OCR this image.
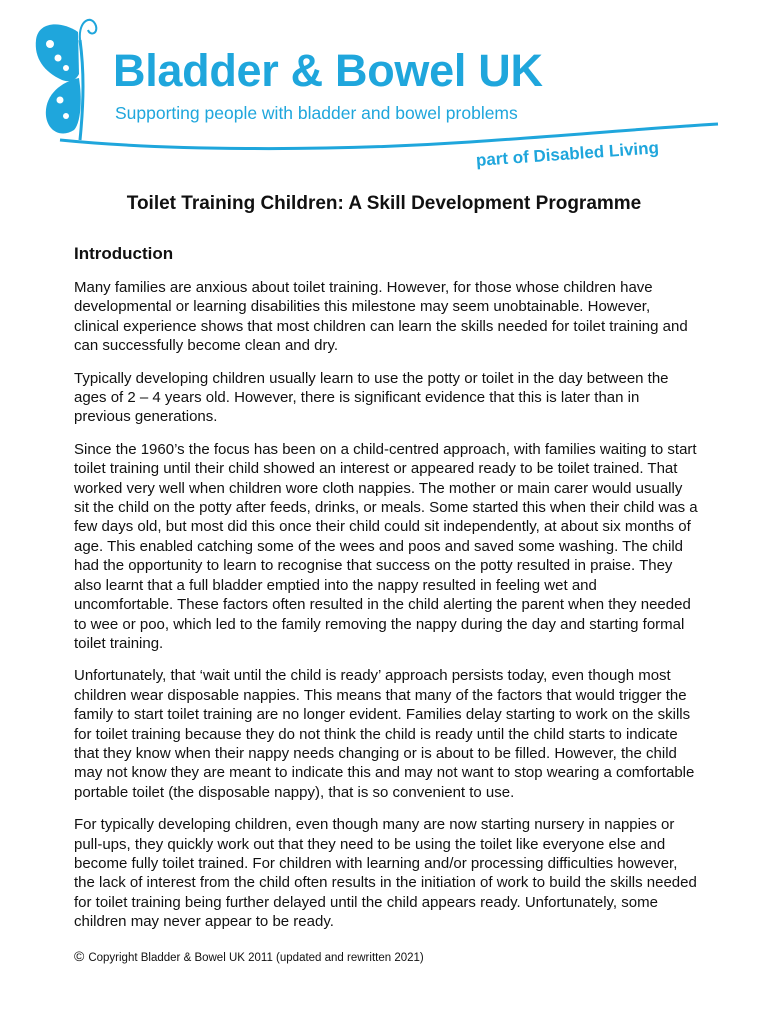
Bladder & Bowel UK
Supporting people with bladder and bowel problems
part of Disabled Living
Toilet Training Children: A Skill Development Programme
Introduction

Many families are anxious about toilet training. However, for those whose children have developmental or learning disabilities this milestone may seem unobtainable. However, clinical experience shows that most children can learn the skills needed for toilet training and can successfully become clean and dry.

Typically developing children usually learn to use the potty or toilet in the day between the ages of 2 – 4 years old. However, there is significant evidence that this is later than in previous generations.

Since the 1960’s the focus has been on a child-centred approach, with families waiting to start toilet training until their child showed an interest or appeared ready to be toilet trained. That worked very well when children wore cloth nappies. The mother or main carer would usually sit the child on the potty after feeds, drinks, or meals. Some started this when their child was a few days old, but most did this once their child could sit independently, at about six months of age. This enabled catching some of the wees and poos and saved some washing. The child had the opportunity to learn to recognise that success on the potty resulted in praise. They also learnt that a full bladder emptied into the nappy resulted in feeling wet and uncomfortable. These factors often resulted in the child alerting the parent when they needed to wee or poo, which led to the family removing the nappy during the day and starting formal toilet training.

Unfortunately, that ‘wait until the child is ready’ approach persists today, even though most children wear disposable nappies. This means that many of the factors that would trigger the family to start toilet training are no longer evident. Families delay starting to work on the skills for toilet training because they do not think the child is ready until the child starts to indicate that they know when their nappy needs changing or is about to be filled. However, the child may not know they are meant to indicate this and may not want to stop wearing a comfortable portable toilet (the disposable nappy), that is so convenient to use.

For typically developing children, even though many are now starting nursery in nappies or pull-ups, they quickly work out that they need to be using the toilet like everyone else and become fully toilet trained. For children with learning and/or processing difficulties however, the lack of interest from the child often results in the initiation of work to build the skills needed for toilet training being further delayed until the child appears ready. Unfortunately, some children may never appear to be ready.

© Copyright Bladder & Bowel UK 2011 (updated and rewritten 2021)
